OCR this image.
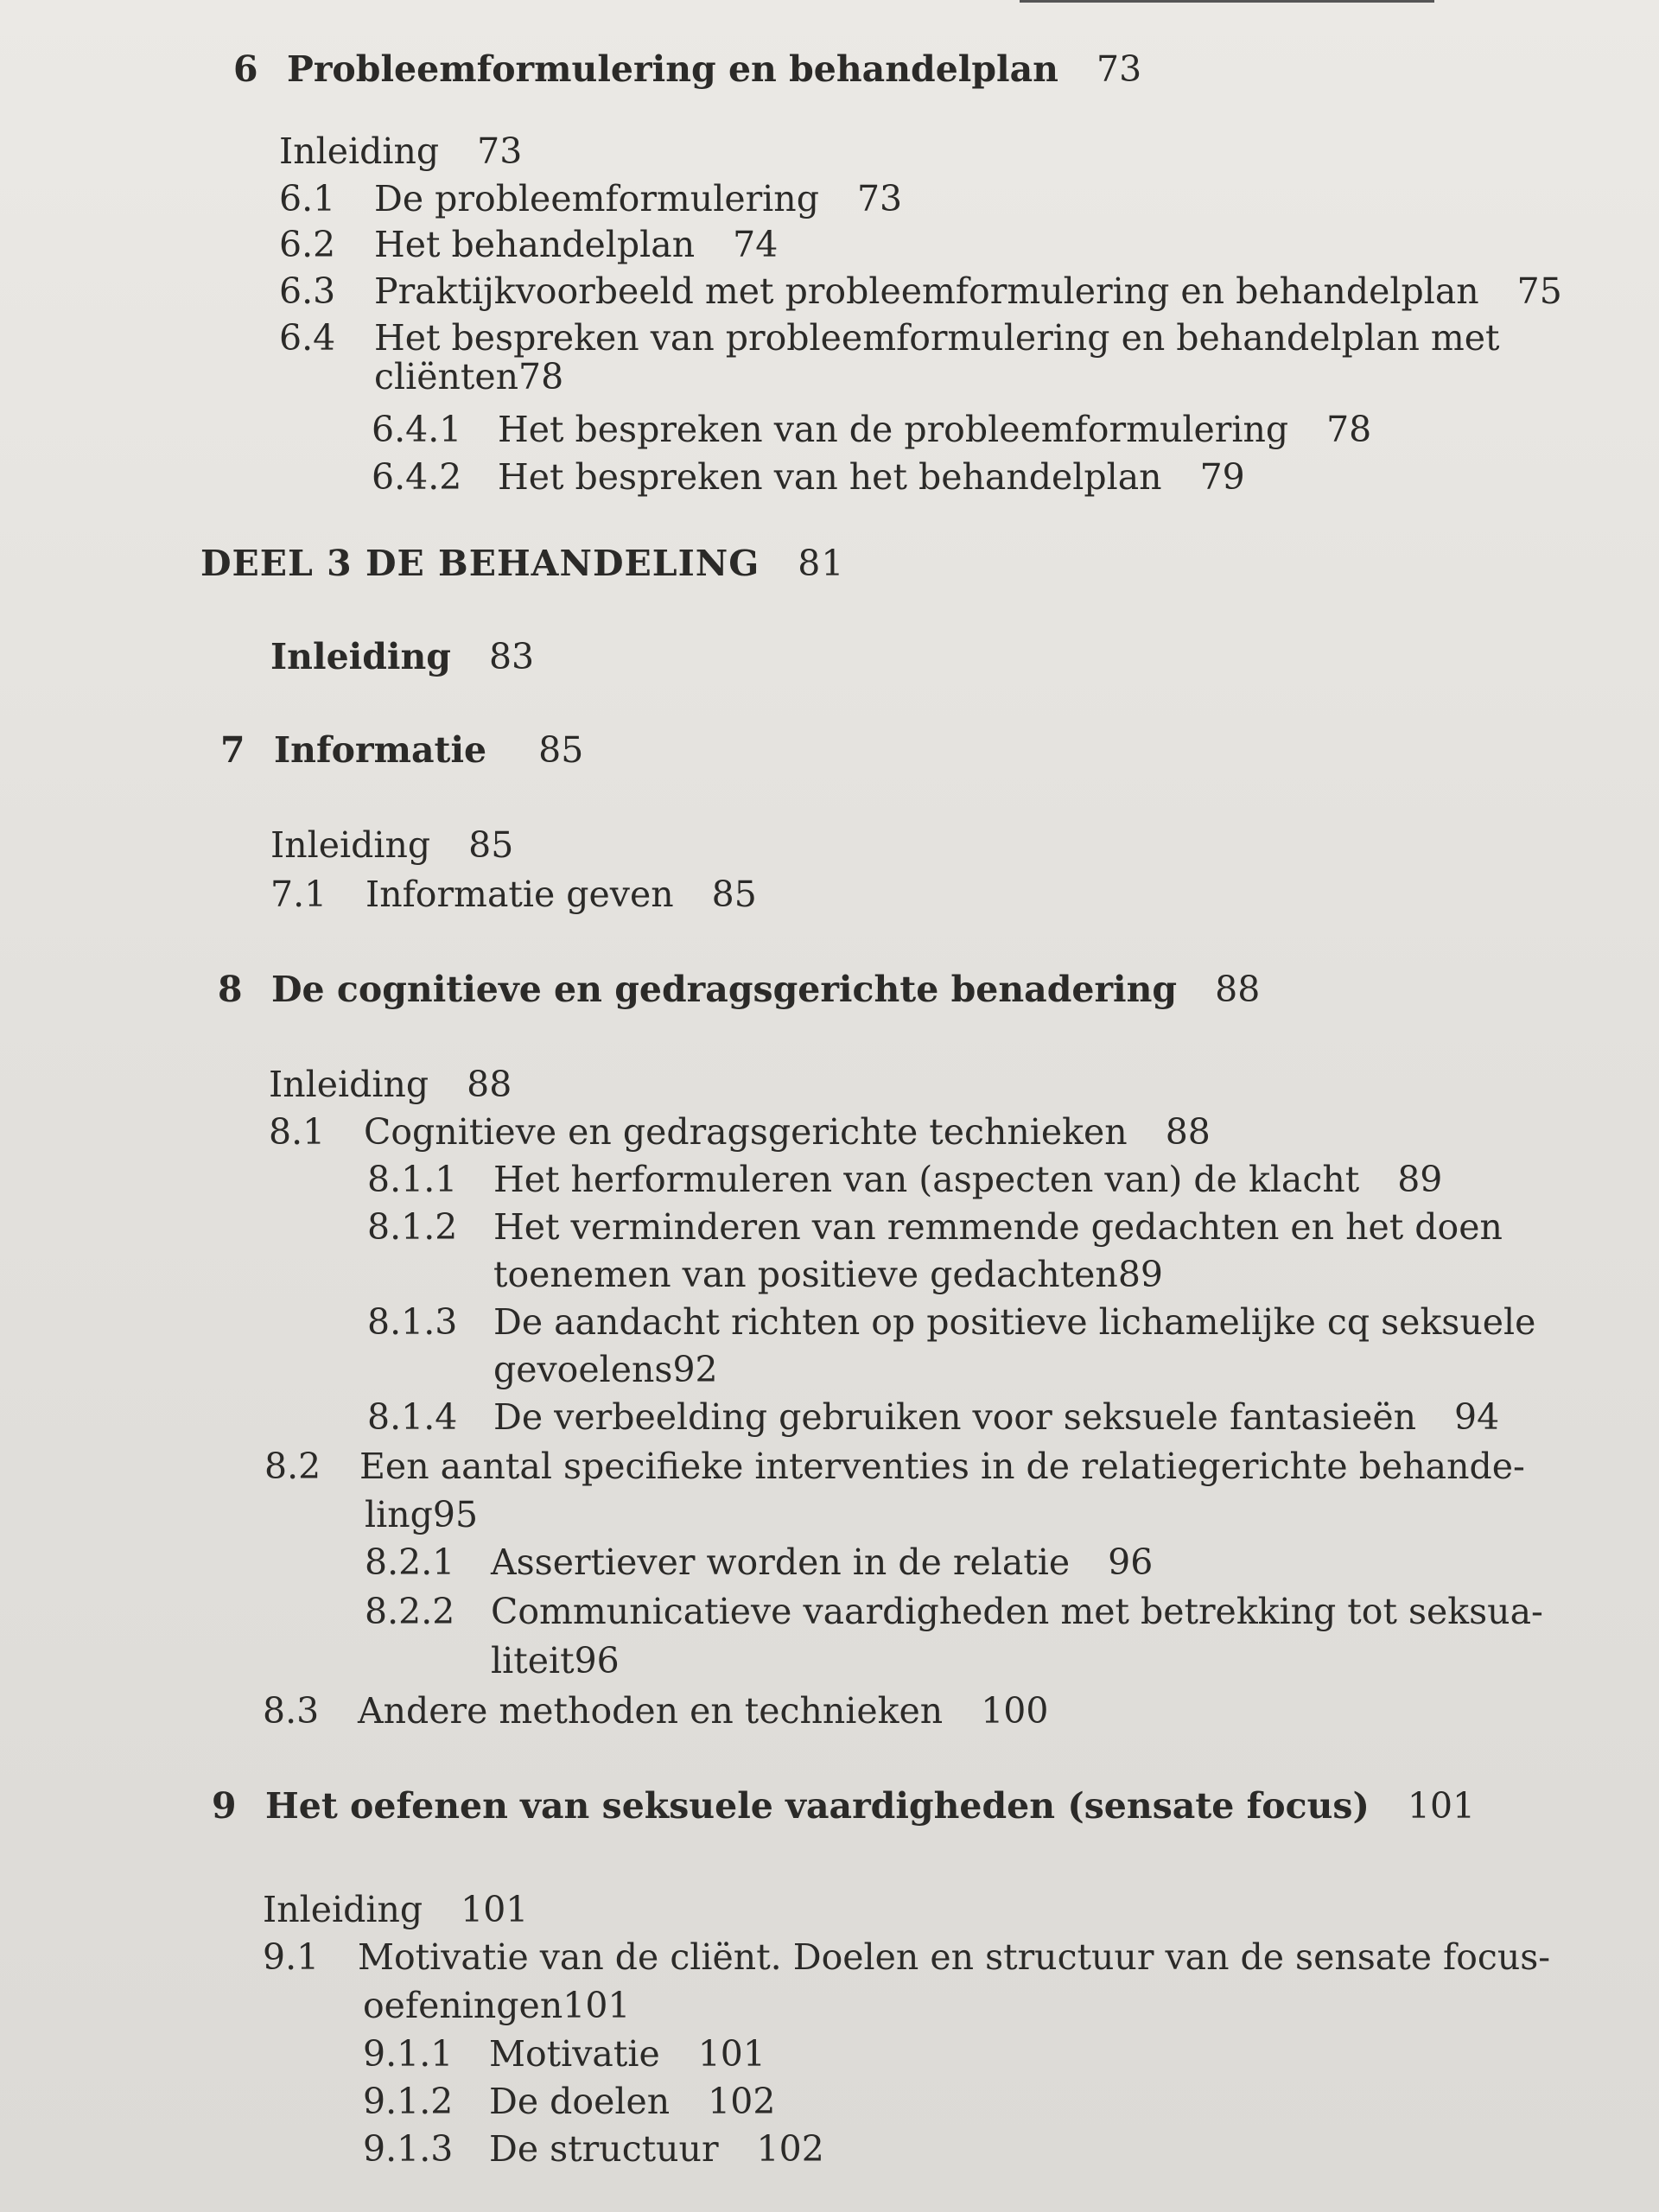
6 Probleemformulering en behandelplan 73
Inleiding 73
6.1 De probleemformulering 73
6.2 Het behandelplan 74
6.3 Praktijkvoorbeeld met probleemformulering en behandelplan 75
6.4 Het bespreken van probleemformulering en behandelplan met
cliënten78
6.4.1 Het bespreken van de probleemformulering 78
6.4.2 Het bespreken van het behandelplan 79
DEEL 3 DE BEHANDELING 81
Inleiding 83
7 Informatie 85
Inleiding 85
7.1 Informatie geven 85
8 De cognitieve en gedragsgerichte benadering 88
Inleiding 88
8.1 Cognitieve en gedragsgerichte technieken 88
8.1.1 Het herformuleren van (aspecten van) de klacht 89
8.1.2 Het verminderen van remmende gedachten en het doen
toenemen van positieve gedachten89
8.1.3 De aandacht richten op positieve lichamelijke cq seksuele
gevoelens92
8.1.4 De verbeelding gebruiken voor seksuele fantasieën 94
8.2 Een aantal specifieke interventies in de relatiegerichte behande-
ling95
8.2.1 Assertiever worden in de relatie 96
8.2.2 Communicatieve vaardigheden met betrekking tot seksua-
liteit96
8.3 Andere methoden en technieken 100
9 Het oefenen van seksuele vaardigheden (sensate focus) 101
Inleiding 101
9.1 Motivatie van de cliënt. Doelen en structuur van de sensate focus-
oefeningen101
9.1.1 Motivatie 101
9.1.2 De doelen 102
9.1.3 De structuur 102
